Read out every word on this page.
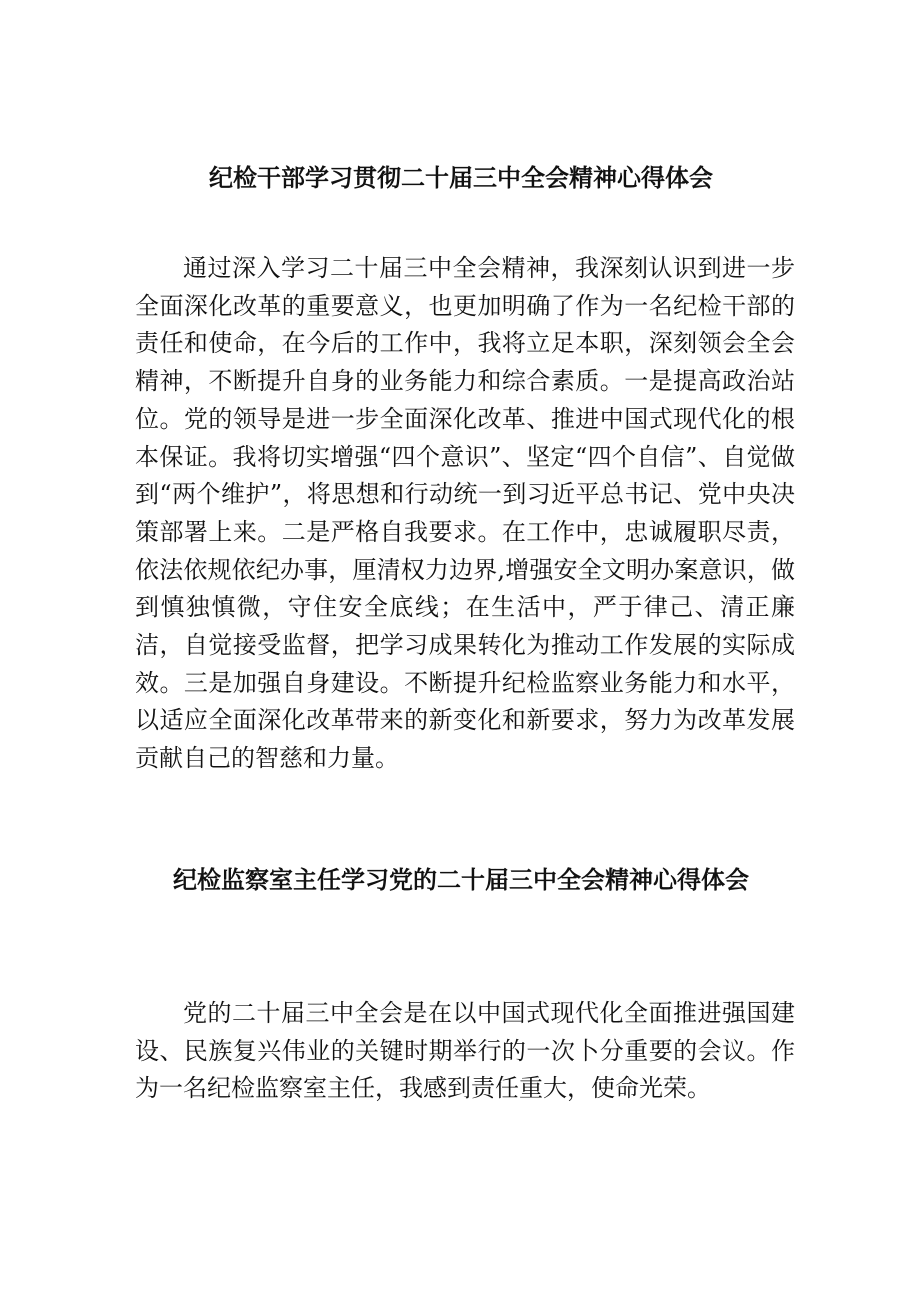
纪检干部学习贯彻二十届三中全会精神心得体会

通过深入学习二十届三中全会精神，我深刻认识到进一步全面深化改革的重要意义，也更加明确了作为一名纪检干部的责任和使命，在今后的工作中，我将立足本职，深刻领会全会精神，不断提升自身的业务能力和综合素质。一是提高政治站位。党的领导是进一步全面深化改革、推进中国式现代化的根本保证。我将切实增强“四个意识”、坚定“四个自信”、自觉做到“两个维护”，将思想和行动统一到习近平总书记、党中央决策部署上来。二是严格自我要求。在工作中，忠诚履职尽责，依法依规依纪办事，厘清权力边界,增强安全文明办案意识，做到慎独慎微，守住安全底线；在生活中，严于律己、清正廉洁，自觉接受监督，把学习成果转化为推动工作发展的实际成效。三是加强自身建设。不断提升纪检监察业务能力和水平，以适应全面深化改革带来的新变化和新要求，努力为改革发展贡献自己的智慈和力量。

纪检监察室主任学习党的二十届三中全会精神心得体会

党的二十届三中全会是在以中国式现代化全面推进强国建设、民族复兴伟业的关键时期举行的一次卜分重要的会议。作为一名纪检监察室主任，我感到责任重大，使命光荣。
